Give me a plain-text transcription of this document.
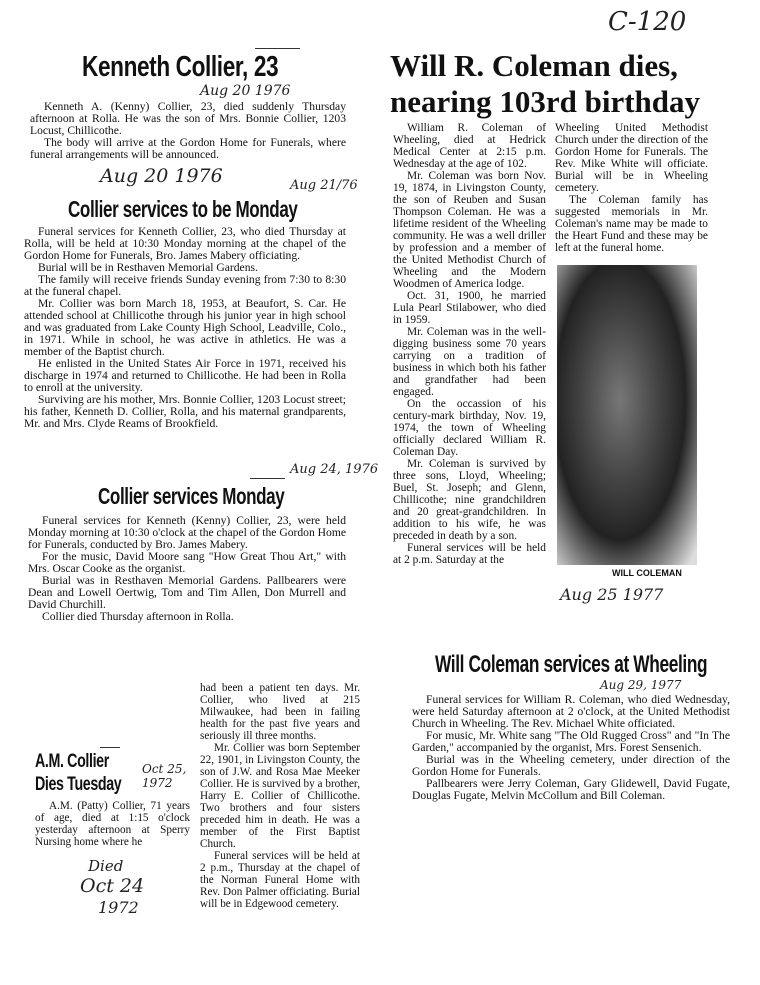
C-120
Kenneth Collier, 23
Aug 20 1976

Kenneth A. (Kenny) Collier, 23, died suddenly Thursday afternoon at Rolla. He was the son of Mrs. Bonnie Collier, 1203 Locust, Chillicothe.

The body will arrive at the Gordon Home for Funerals, where funeral arrangements will be announced.

Aug 20 1976	Aug 21/76
Collier services to be Monday

Funeral services for Kenneth Collier, 23, who died Thursday at Rolla, will be held at 10:30 Monday morning at the chapel of the Gordon Home for Funerals, Bro. James Mabery officiating.

Burial will be in Resthaven Memorial Gardens.

The family will receive friends Sunday evening from 7:30 to 8:30 at the funeral chapel.

Mr. Collier was born March 18, 1953, at Beaufort, S. Car. He attended school at Chillicothe through his junior year in high school and was graduated from Lake County High School, Leadville, Colo., in 1971. While in school, he was active in athletics. He was a member of the Baptist church.

He enlisted in the United States Air Force in 1971, received his discharge in 1974 and returned to Chillicothe. He had been in Rolla to enroll at the university.

Surviving are his mother, Mrs. Bonnie Collier, 1203 Locust street; his father, Kenneth D. Collier, Rolla, and his maternal grandparents, Mr. and Mrs. Clyde Reams of Brookfield.

Aug 24, 1976
Collier services Monday

Funeral services for Kenneth (Kenny) Collier, 23, were held Monday morning at 10:30 o'clock at the chapel of the Gordon Home for Funerals, conducted by Bro. James Mabery.

For the music, David Moore sang "How Great Thou Art," with Mrs. Oscar Cooke as the organist.

Burial was in Resthaven Memorial Gardens. Pallbearers were Dean and Lowell Oertwig, Tom and Tim Allen, Don Murrell and David Churchill.

Collier died Thursday afternoon in Rolla.

Will R. Coleman dies,
nearing 103rd birthday

William R. Coleman of Wheeling, died at Hedrick Medical Center at 2:15 p.m. Wednesday at the age of 102.

Mr. Coleman was born Nov. 19, 1874, in Livingston County, the son of Reuben and Susan Thompson Coleman. He was a lifetime resident of the Wheeling community. He was a well driller by profession and a member of the United Methodist Church of Wheeling and the Modern Woodmen of America lodge.

Oct. 31, 1900, he married Lula Pearl Stilabower, who died in 1959.

Mr. Coleman was in the well-digging business some 70 years carrying on a tradition of business in which both his father and grandfather had been engaged.

On the occassion of his century-mark birthday, Nov. 19, 1974, the town of Wheeling officially declared William R. Coleman Day.

Mr. Coleman is survived by three sons, Lloyd, Wheeling; Buel, St. Joseph; and Glenn, Chillicothe; nine grandchildren and 20 great-grandchildren. In addition to his wife, he was preceded in death by a son.

Funeral services will be held at 2 p.m. Saturday at the

Wheeling United Methodist Church under the direction of the Gordon Home for Funerals. The Rev. Mike White will officiate. Burial will be in Wheeling cemetery.

The Coleman family has suggested memorials in Mr. Coleman's name may be made to the Heart Fund and these may be left at the funeral home.

WILL COLEMAN
Aug 25 1977
Will Coleman services at Wheeling
Aug 29, 1977

Funeral services for William R. Coleman, who died Wednesday, were held Saturday afternoon at 2 o'clock, at the United Methodist Church in Wheeling. The Rev. Michael White officiated.

For music, Mr. White sang "The Old Rugged Cross" and "In The Garden," accompanied by the organist, Mrs. Forest Sensenich.

Burial was in the Wheeling cemetery, under direction of the Gordon Home for Funerals.

Pallbearers were Jerry Coleman, Gary Glidewell, David Fugate, Douglas Fugate, Melvin McCollum and Bill Coleman.

A.M. Collier
Dies Tuesday
Oct 25, 1972

A.M. (Patty) Collier, 71 years of age, died at 1:15 o'clock yesterday afternoon at Sperry Nursing home where he

Died
Oct 24
1972

had been a patient ten days. Mr. Collier, who lived at 215 Milwaukee, had been in failing health for the past five years and seriously ill three months.

Mr. Collier was born September 22, 1901, in Livingston County, the son of J.W. and Rosa Mae Meeker Collier. He is survived by a brother, Harry E. Collier of Chillicothe. Two brothers and four sisters preceded him in death. He was a member of the First Baptist Church.

Funeral services will be held at 2 p.m., Thursday at the chapel of the Norman Funeral Home with Rev. Don Palmer officiating. Burial will be in Edgewood cemetery.
